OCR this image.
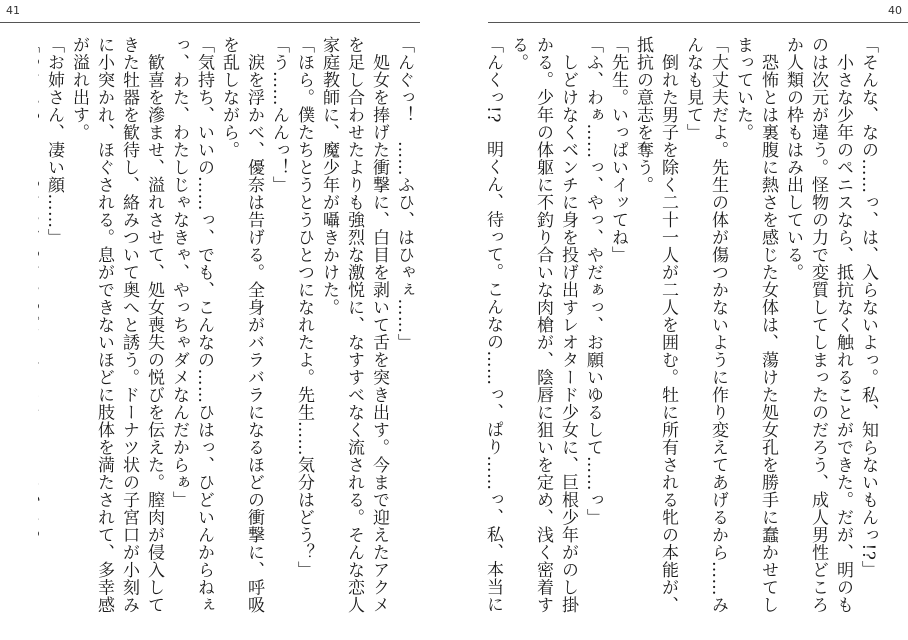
41
「んぐっ！　……ふひ、はひゃぇ……」
　処女を捧げた衝撃に、白目を剥いて舌を突き出す。今まで迎えたアクメを足し合わせたよりも強烈な激悦に、なすすべなく流される。そんな恋人家庭教師に、魔少年が囁きかけた。
「ほら。僕たちとうとうひとつになれたよ。先生……気分はどう？」
「う……んんっ！」
　涙を浮かべ、優奈は告げる。全身がバラバラになるほどの衝撃に、呼吸を乱しながら。
「気持ち、いいの……っ、でも、こんなの……ひはっ、ひどいんからねぇっ、わた、わたしじゃなきゃ、やっちゃダメなんだからぁ」
　歓喜を滲ませ、溢れさせて、処女喪失の悦びを伝えた。膣肉が侵入してきた牡器を歓待し、絡みついて奥へと誘う。ドーナツ状の子宮口が小刻みに小突かれ、ほぐされる。息ができないほどに肢体を満たされて、多幸感が溢れ出す。
「お姉さん、凄い顔……」
40
「そんな、なの……っ、は、入らないよっ。私、知らないもんっ!?」
　小さな少年のペニスなら、抵抗なく触れることができた。だが、明のものは次元が違う。怪物の力で変質してしまったのだろう、成人男性どころか人類の枠もはみ出している。
　恐怖とは裏腹に熱さを感じた女体は、蕩けた処女孔を勝手に蠢かせてしまっていた。
「大丈夫だよ。先生の体が傷つかないように作り変えてあげるから……みんなも見て」
　倒れた男子を除く二十一人が二人を囲む。牡に所有される牝の本能が、抵抗の意志を奪う。
「先生。いっぱいイッてね」
「ふ、わぁ……っ、やっ、やだぁっ、お願いゆるして……っ」
　しどけなくベンチに身を投げ出すレオタード少女に、巨根少年がのし掛かる。少年の体躯に不釣り合いな肉槍が、陰唇に狙いを定め、浅く密着する。
「んくっ!?　明くん、待って。こんなの……っ、ぱり……っ、私、本当に
